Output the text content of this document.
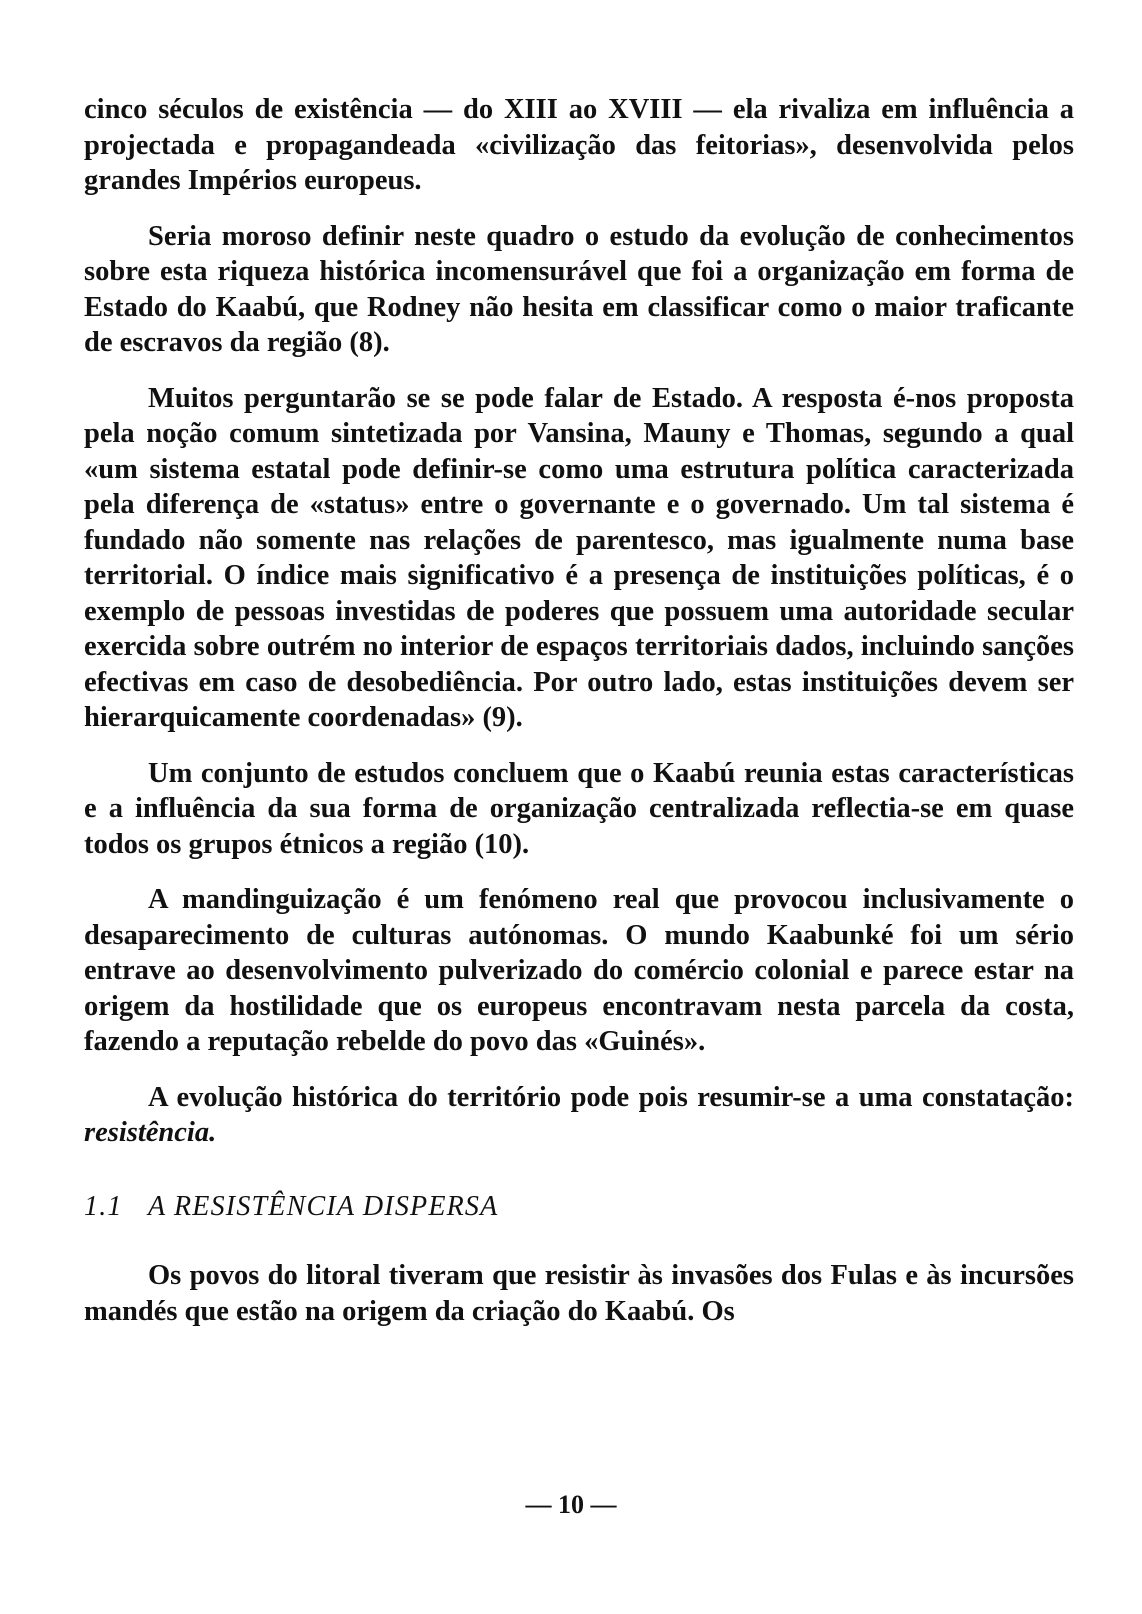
cinco séculos de existência — do XIII ao XVIII — ela rivaliza em influência a projectada e propagandeada «civilização das feitorias», desenvolvida pelos grandes Impérios europeus.

Seria moroso definir neste quadro o estudo da evolução de conhecimentos sobre esta riqueza histórica incomensurável que foi a organização em forma de Estado do Kaabú, que Rodney não hesita em classificar como o maior traficante de escravos da região (8).

Muitos perguntarão se se pode falar de Estado. A resposta é-nos proposta pela noção comum sintetizada por Vansina, Mauny e Thomas, segundo a qual «um sistema estatal pode definir-se como uma estrutura política caracterizada pela diferença de «status» entre o governante e o governado. Um tal sistema é fundado não somente nas relações de parentesco, mas igualmente numa base territorial. O índice mais significativo é a presença de instituições políticas, é o exemplo de pessoas investidas de poderes que possuem uma autoridade secular exercida sobre outrém no interior de espaços territoriais dados, incluindo sanções efectivas em caso de desobediência. Por outro lado, estas instituições devem ser hierarquicamente coordenadas» (9).

Um conjunto de estudos concluem que o Kaabú reunia estas características e a influência da sua forma de organização centralizada reflectia-se em quase todos os grupos étnicos a região (10).

A mandinguização é um fenómeno real que provocou inclusivamente o desaparecimento de culturas autónomas. O mundo Kaabunké foi um sério entrave ao desenvolvimento pulverizado do comércio colonial e parece estar na origem da hostilidade que os europeus encontravam nesta parcela da costa, fazendo a reputação rebelde do povo das «Guinés».

A evolução histórica do território pode pois resumir-se a uma constatação: resistência.

1.1 A RESISTÊNCIA DISPERSA

Os povos do litoral tiveram que resistir às invasões dos Fulas e às incursões mandés que estão na origem da criação do Kaabú. Os

— 10 —
